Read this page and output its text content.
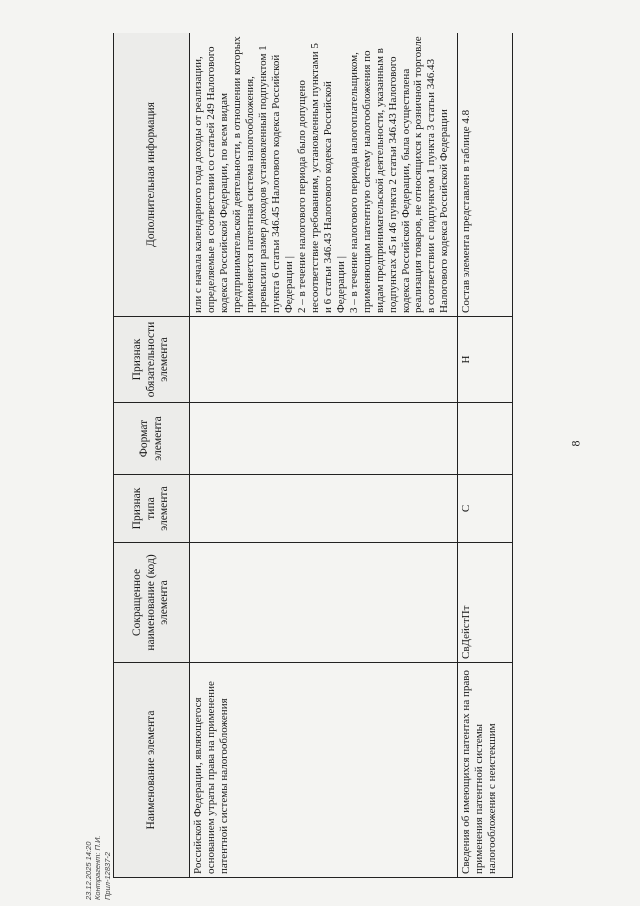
8
Наименование элемента	Сокращенное наименование (код) элемента	Признак типа элемента	Формат элемента	Признак обязательности элемента	Дополнительная информация
Российской Федерации, являющегося основанием утраты права на применение патентной системы налогообложения					или с начала календарного года доходы от реализации, определяемые в соответствии со статьей 249 Налогового кодекса Российской Федерации, по всем видам предпринимательской деятельности, в отношении которых применяется патентная система налогообложения, превысили размер доходов установленный подпунктом 1 пункта 6 статьи 346.45 Налогового кодекса Российской Федерации |
2 – в течение налогового периода было допущено несоответствие требованиям, установленным пунктами 5 и 6 статьи 346.43 Налогового кодекса Российской Федерации |
3 – в течение налогового периода налогоплательщиком, применяющим патентную систему налогообложения по видам предпринимательской деятельности, указанным в подпунктах 45 и 46 пункта 2 статьи 346.43 Налогового кодекса Российской Федерации, была осуществлена реализация товаров, не относящихся к розничной торговле в соответствии с подпунктом 1 пункта 3 статьи 346.43 Налогового кодекса Российской Федерации
Сведения об имеющихся патентах на право применения патентной системы налогообложения с неистекшим	СвДейстПт	С		Н	Состав элемента представлен в таблице 4.8
23.12.2025 14:20 Контрагент: П.И. Прил-12837-2
